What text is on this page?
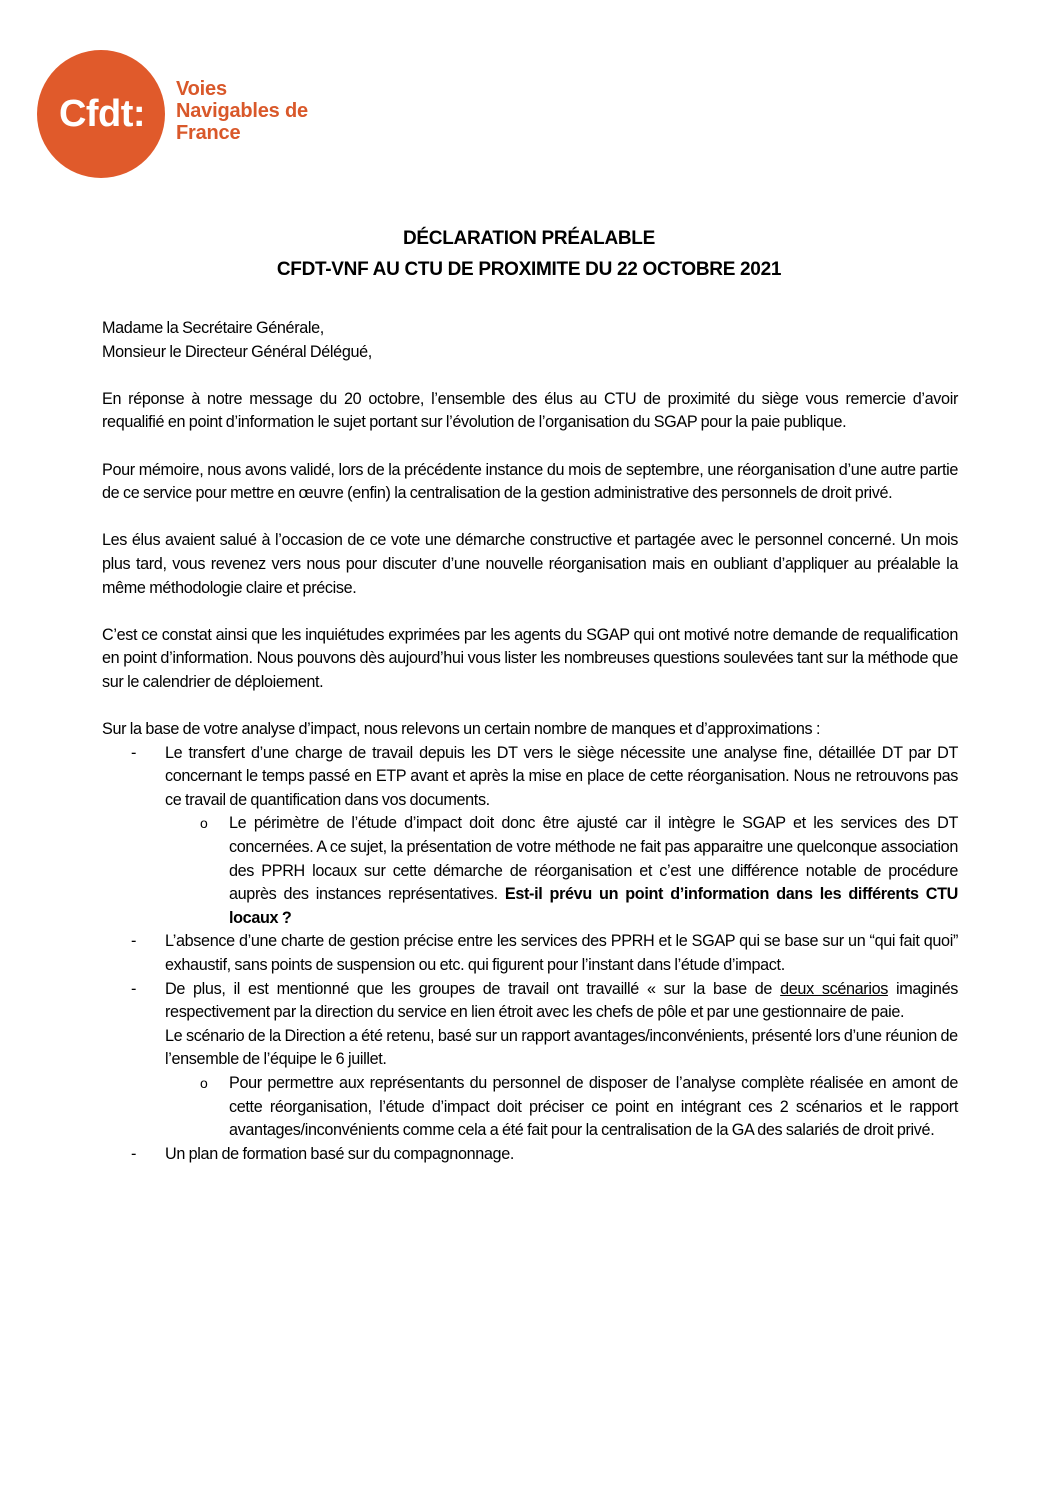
Cfdt:
Voies
Navigables de
France
DÉCLARATION PRÉALABLE
CFDT-VNF AU CTU DE PROXIMITE DU 22 OCTOBRE 2021
Madame la Secrétaire Générale,
Monsieur le Directeur Général Délégué,

En réponse à notre message du 20 octobre, l’ensemble des élus au CTU de proximité du siège vous remercie d’avoir requalifié en point d’information le sujet portant sur l’évolution de l’organisation du SGAP pour la paie publique.

Pour mémoire, nous avons validé, lors de la précédente instance du mois de septembre, une réorganisation d’une autre partie de ce service pour mettre en œuvre (enfin) la centralisation de la gestion administrative des personnels de droit privé.

Les élus avaient salué à l’occasion de ce vote une démarche constructive et partagée avec le personnel concerné. Un mois plus tard, vous revenez vers nous pour discuter d’une nouvelle réorganisation mais en oubliant d’appliquer au préalable la même méthodologie claire et précise.

C’est ce constat ainsi que les inquiétudes exprimées par les agents du SGAP qui ont motivé notre demande de requalification en point d’information. Nous pouvons dès aujourd’hui vous lister les nombreuses questions soulevées tant sur la méthode que sur le calendrier de déploiement.

Sur la base de votre analyse d’impact, nous relevons un certain nombre de manques et d’approximations :

- Le transfert d’une charge de travail depuis les DT vers le siège nécessite une analyse fine, détaillée DT par DT concernant le temps passé en ETP avant et après la mise en place de cette réorganisation. Nous ne retrouvons pas ce travail de quantification dans vos documents.
o Le périmètre de l’étude d’impact doit donc être ajusté car il intègre le SGAP et les services des DT concernées. A ce sujet, la présentation de votre méthode ne fait pas apparaitre une quelconque association des PPRH locaux sur cette démarche de réorganisation et c’est une différence notable de procédure auprès des instances représentatives. Est-il prévu un point d’information dans les différents CTU locaux ?
- L’absence d’une charte de gestion précise entre les services des PPRH et le SGAP qui se base sur un “qui fait quoi” exhaustif, sans points de suspension ou etc. qui figurent pour l’instant dans l’étude d’impact.
- De plus, il est mentionné que les groupes de travail ont travaillé « sur la base de deux scénarios imaginés respectivement par la direction du service en lien étroit avec les chefs de pôle et par une gestionnaire de paie.
Le scénario de la Direction a été retenu, basé sur un rapport avantages/inconvénients, présenté lors d’une réunion de l’ensemble de l’équipe le 6 juillet.
o Pour permettre aux représentants du personnel de disposer de l’analyse complète réalisée en amont de cette réorganisation, l’étude d’impact doit préciser ce point en intégrant ces 2 scénarios et le rapport avantages/inconvénients comme cela a été fait pour la centralisation de la GA des salariés de droit privé.
- Un plan de formation basé sur du compagnonnage.
